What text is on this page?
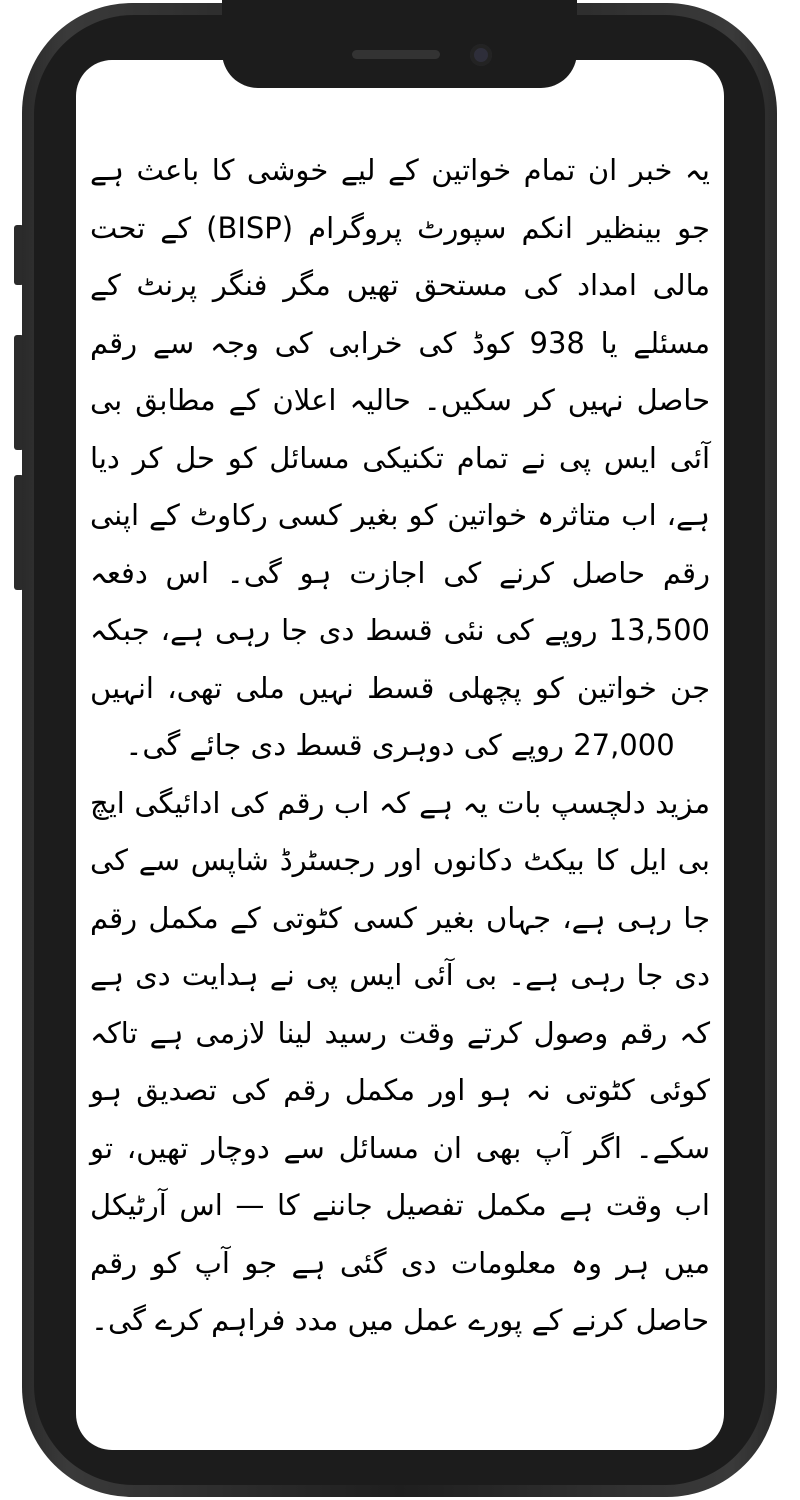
یہ خبر ان تمام خواتین کے لیے خوشی کا باعث ہے جو بینظیر انکم سپورٹ پروگرام (BISP) کے تحت مالی امداد کی مستحق تھیں مگر فنگر پرنٹ کے مسئلے یا 938 کوڈ کی خرابی کی وجہ سے رقم حاصل نہیں کر سکیں۔ حالیہ اعلان کے مطابق بی آئی ایس پی نے تمام تکنیکی مسائل کو حل کر دیا ہے، اب متاثرہ خواتین کو بغیر کسی رکاوٹ کے اپنی رقم حاصل کرنے کی اجازت ہو گی۔ اس دفعہ 13,500 روپے کی نئی قسط دی جا رہی ہے، جبکہ جن خواتین کو پچھلی قسط نہیں ملی تھی، انہیں 27,000 روپے کی دوہری قسط دی جائے گی۔

مزید دلچسپ بات یہ ہے کہ اب رقم کی ادائیگی ایچ بی ایل کا بیکٹ دکانوں اور رجسٹرڈ شاپس سے کی جا رہی ہے، جہاں بغیر کسی کٹوتی کے مکمل رقم دی جا رہی ہے۔ بی آئی ایس پی نے ہدایت دی ہے کہ رقم وصول کرتے وقت رسید لینا لازمی ہے تاکہ کوئی کٹوتی نہ ہو اور مکمل رقم کی تصدیق ہو سکے۔ اگر آپ بھی ان مسائل سے دوچار تھیں، تو اب وقت ہے مکمل تفصیل جاننے کا — اس آرٹیکل میں ہر وہ معلومات دی گئی ہے جو آپ کو رقم حاصل کرنے کے پورے عمل میں مدد فراہم کرے گی۔
